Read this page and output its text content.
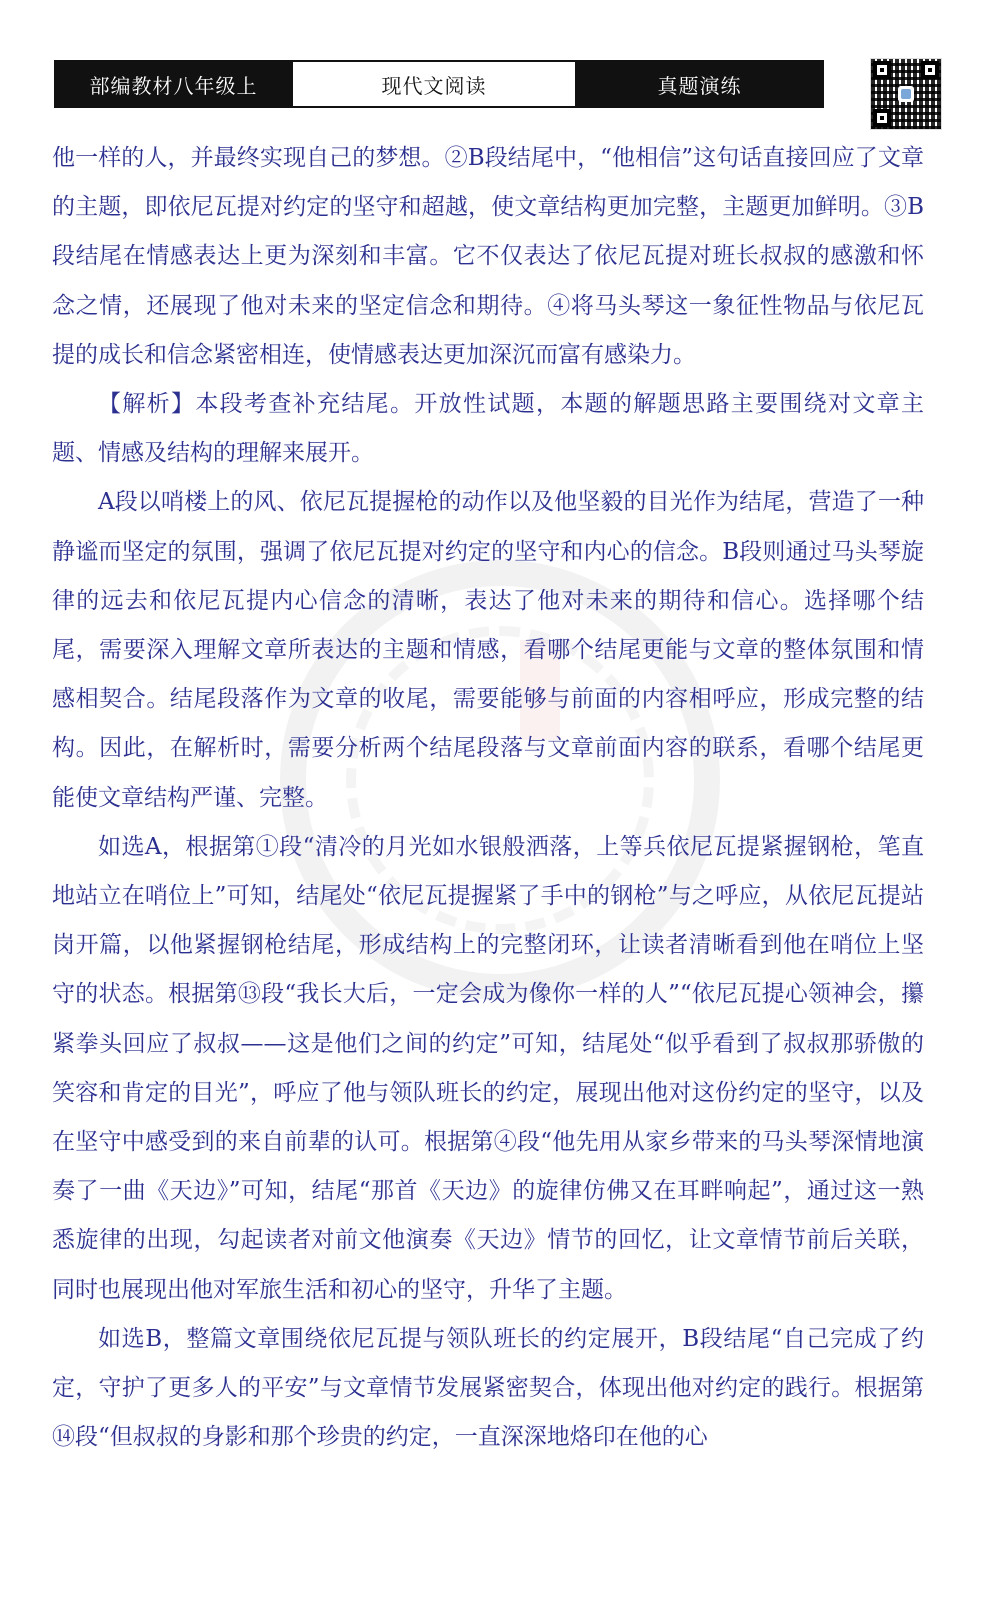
部编教材八年级上	现代文阅读	真题演练

他一样的人，并最终实现自己的梦想。②B段结尾中，“他相信”这句话直接回应了文章的主题，即依尼瓦提对约定的坚守和超越，使文章结构更加完整，主题更加鲜明。③B段结尾在情感表达上更为深刻和丰富。它不仅表达了依尼瓦提对班长叔叔的感激和怀念之情，还展现了他对未来的坚定信念和期待。④将马头琴这一象征性物品与依尼瓦提的成长和信念紧密相连，使情感表达更加深沉而富有感染力。

【解析】本段考查补充结尾。开放性试题，本题的解题思路主要围绕对文章主题、情感及结构的理解来展开。

A段以哨楼上的风、依尼瓦提握枪的动作以及他坚毅的目光作为结尾，营造了一种静谧而坚定的氛围，强调了依尼瓦提对约定的坚守和内心的信念。B段则通过马头琴旋律的远去和依尼瓦提内心信念的清晰，表达了他对未来的期待和信心。选择哪个结尾，需要深入理解文章所表达的主题和情感，看哪个结尾更能与文章的整体氛围和情感相契合。结尾段落作为文章的收尾，需要能够与前面的内容相呼应，形成完整的结构。因此，在解析时，需要分析两个结尾段落与文章前面内容的联系，看哪个结尾更能使文章结构严谨、完整。

如选A，根据第①段“清冷的月光如水银般洒落，上等兵依尼瓦提紧握钢枪，笔直地站立在哨位上”可知，结尾处“依尼瓦提握紧了手中的钢枪”与之呼应，从依尼瓦提站岗开篇，以他紧握钢枪结尾，形成结构上的完整闭环，让读者清晰看到他在哨位上坚守的状态。根据第⑬段“我长大后，一定会成为像你一样的人”“依尼瓦提心领神会，攥紧拳头回应了叔叔——这是他们之间的约定”可知，结尾处“似乎看到了叔叔那骄傲的笑容和肯定的目光”，呼应了他与领队班长的约定，展现出他对这份约定的坚守，以及在坚守中感受到的来自前辈的认可。根据第④段“他先用从家乡带来的马头琴深情地演奏了一曲《天边》”可知，结尾“那首《天边》的旋律仿佛又在耳畔响起”，通过这一熟悉旋律的出现，勾起读者对前文他演奏《天边》情节的回忆，让文章情节前后关联，同时也展现出他对军旅生活和初心的坚守，升华了主题。

如选B，整篇文章围绕依尼瓦提与领队班长的约定展开，B段结尾“自己完成了约定，守护了更多人的平安”与文章情节发展紧密契合，体现出他对约定的践行。根据第⑭段“但叔叔的身影和那个珍贵的约定，一直深深地烙印在他的心
